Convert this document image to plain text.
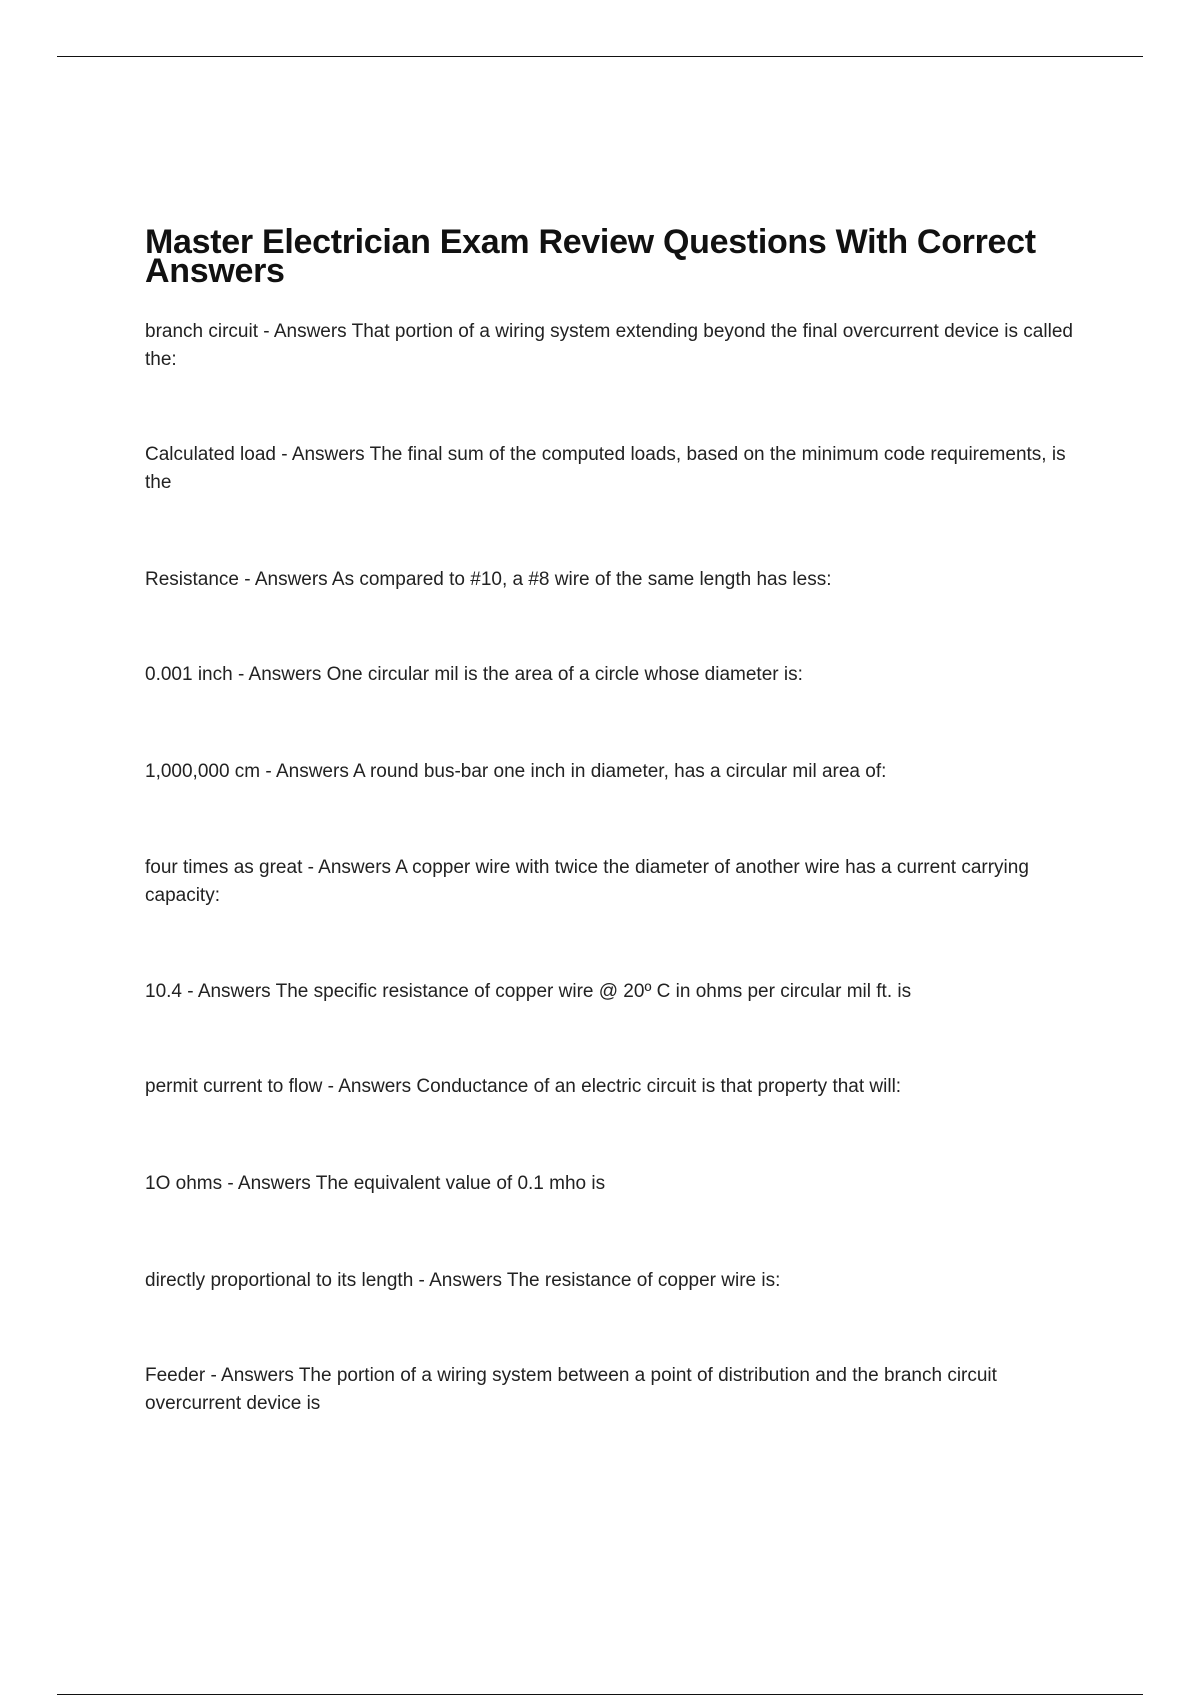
Master Electrician Exam Review Questions With Correct Answers
branch circuit - Answers That portion of a wiring system extending beyond the final overcurrent device is called the:
Calculated load - Answers The final sum of the computed loads, based on the minimum code requirements, is the
Resistance - Answers As compared to #10, a #8 wire of the same length has less:
0.001 inch - Answers One circular mil is the area of a circle whose diameter is:
1,000,000 cm - Answers A round bus-bar one inch in diameter, has a circular mil area of:
four times as great - Answers A copper wire with twice the diameter of another wire has a current carrying capacity:
10.4 - Answers The specific resistance of copper wire @ 20º C in ohms per circular mil ft. is
permit current to flow - Answers Conductance of an electric circuit is that property that will:
1O ohms - Answers The equivalent value of 0.1 mho is
directly proportional to its length - Answers The resistance of copper wire is:
Feeder - Answers The portion of a wiring system between a point of distribution and the branch circuit overcurrent device is
